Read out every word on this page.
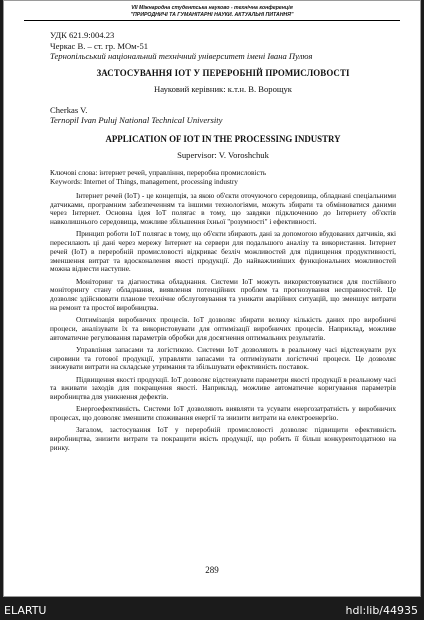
VII Міжнародна студентська науково - технічна конференція
"ПРИРОДНИЧІ ТА ГУМАНІТАРНІ НАУКИ. АКТУАЛЬНІ ПИТАННЯ"
УДК 621.9:004.23
Черкас В. – ст. гр. МОм-51
Тернопільський національний технічний університет імені Івана Пулюя
ЗАСТОСУВАННЯ ІОТ У ПЕРЕРОБНІЙ ПРОМИСЛОВОСТІ
Науковий керівник: к.т.н. В. Ворощук
Cherkas V.
Ternopil Ivan Puluj National Technical University
APPLICATION OF IOT IN THE PROCESSING INDUSTRY
Supervisor: V. Voroshchuk
Ключові слова: інтернет речей, управління, переробна промисловість
Keywords: Internet of Things, management, processing industry

Інтернет речей (IoT) - це концепція, за якою об'єкти оточуючого середовища, обладнані спеціальними датчиками, програмним забезпеченням та іншими технологіями, можуть збирати та обмінюватися даними через Інтернет. Основна ідея IoT полягає в тому, що завдяки підключенню до Інтернету об'єктів навколишнього середовища, можливе збільшення їхньої "розумності" і ефективності.

Принцип роботи IoT полягає в тому, що об'єкти збирають дані за допомогою вбудованих датчиків, які пересилають ці дані через мережу Інтернет на сервери для подальшого аналізу та використання. Інтернет речей (IoT) в переробній промисловості відкриває безліч можливостей для підвищення продуктивності, зменшення витрат та вдосконалення якості продукції. До найважливіших функціональних можливостей можна віднести наступне.

Моніторинг та діагностика обладнання. Системи IoT можуть використовуватися для постійного моніторингу стану обладнання, виявлення потенційних проблем та прогнозування несправностей. Це дозволяє здійснювати планове технічне обслуговування та уникати аварійних ситуацій, що зменшує витрати на ремонт та простої виробництва.

Оптимізація виробничих процесів. IoT дозволяє збирати велику кількість даних про виробничі процеси, аналізувати їх та використовувати для оптимізації виробничих процесів. Наприклад, можливе автоматичне регулювання параметрів обробки для досягнення оптимальних результатів.

Управління запасами та логістикою. Системи IoT дозволяють в реальному часі відстежувати рух сировини та готової продукції, управляти запасами та оптимізувати логістичні процеси. Це дозволяє знижувати витрати на складське утримання та збільшувати ефективність поставок.

Підвищення якості продукції. IoT дозволяє відстежувати параметри якості продукції в реальному часі та вживати заходів для покращення якості. Наприклад, можливе автоматичне коригування параметрів виробництва для уникнення дефектів.

Енергоефективність. Системи IoT дозволяють виявляти та усувати енергозатратність у виробничих процесах, що дозволяє зменшити споживання енергії та знизити витрати на електроенергію.

Загалом, застосування IoT у переробній промисловості дозволяє підвищити ефективність виробництва, знизити витрати та покращити якість продукції, що робить її більш конкурентоздатною на ринку.

289
ELARTU	hdl:lib/44935
